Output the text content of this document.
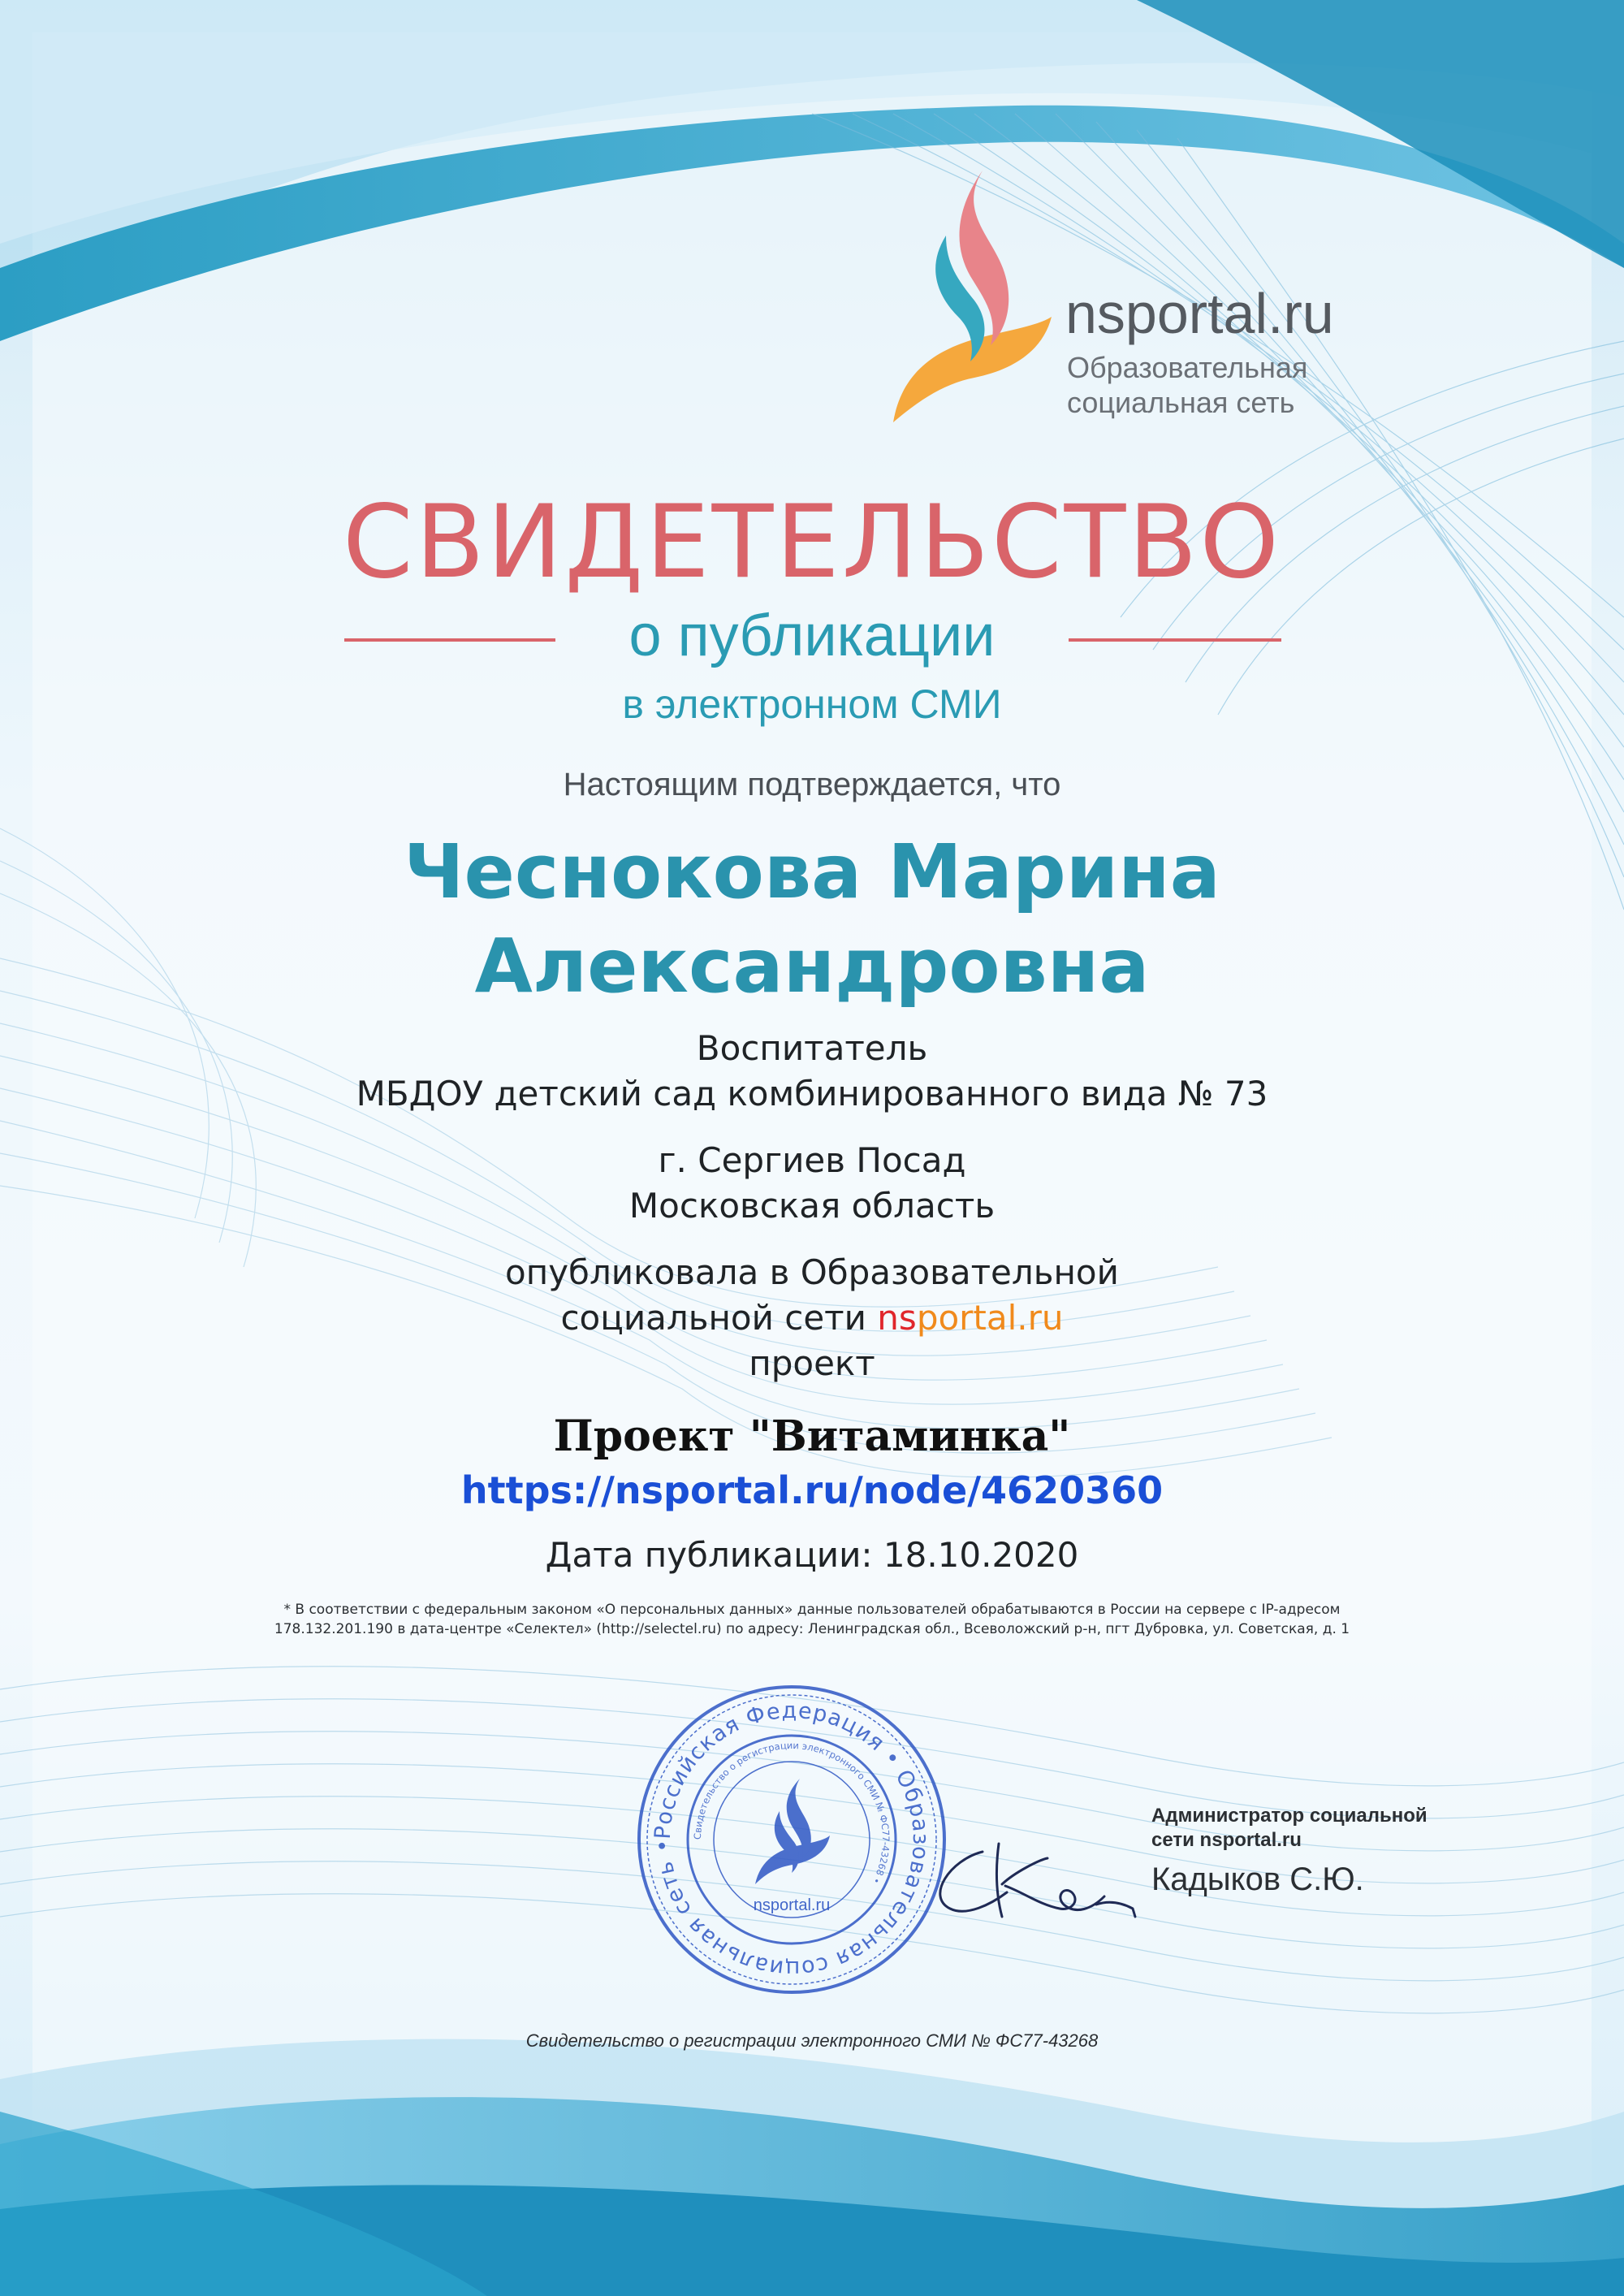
nsportal.ru
Образовательная
социальная сеть
СВИДЕТЕЛЬСТВО
о публикации
в электронном СМИ
Настоящим подтверждается, что
Чеснокова Марина
Александровна
Воспитатель
МБДОУ детский сад комбинированного вида № 73
г. Сергиев Посад
Московская область
опубликовала в Образовательной
социальной сети nsportal.ru
проект
Проект "Витаминка"
https://nsportal.ru/node/4620360
Дата публикации: 18.10.2020
* В соответствии с федеральным законом «О персональных данных» данные пользователей обрабатываются в России на сервере с IP-адресом
178.132.201.190 в дата-центре «Селектел» (http://selectel.ru) по адресу: Ленинградская обл., Всеволожский р-н, пгт Дубровка, ул. Советская, д. 1
Российская Федерация • Образовательная социальная сеть •
Свидетельство о регистрации электронного СМИ № ФС77-43268 •
nsportal.ru
Администратор социальной
сети nsportal.ru
Кадыков С.Ю.
Свидетельство о регистрации электронного СМИ № ФС77-43268
